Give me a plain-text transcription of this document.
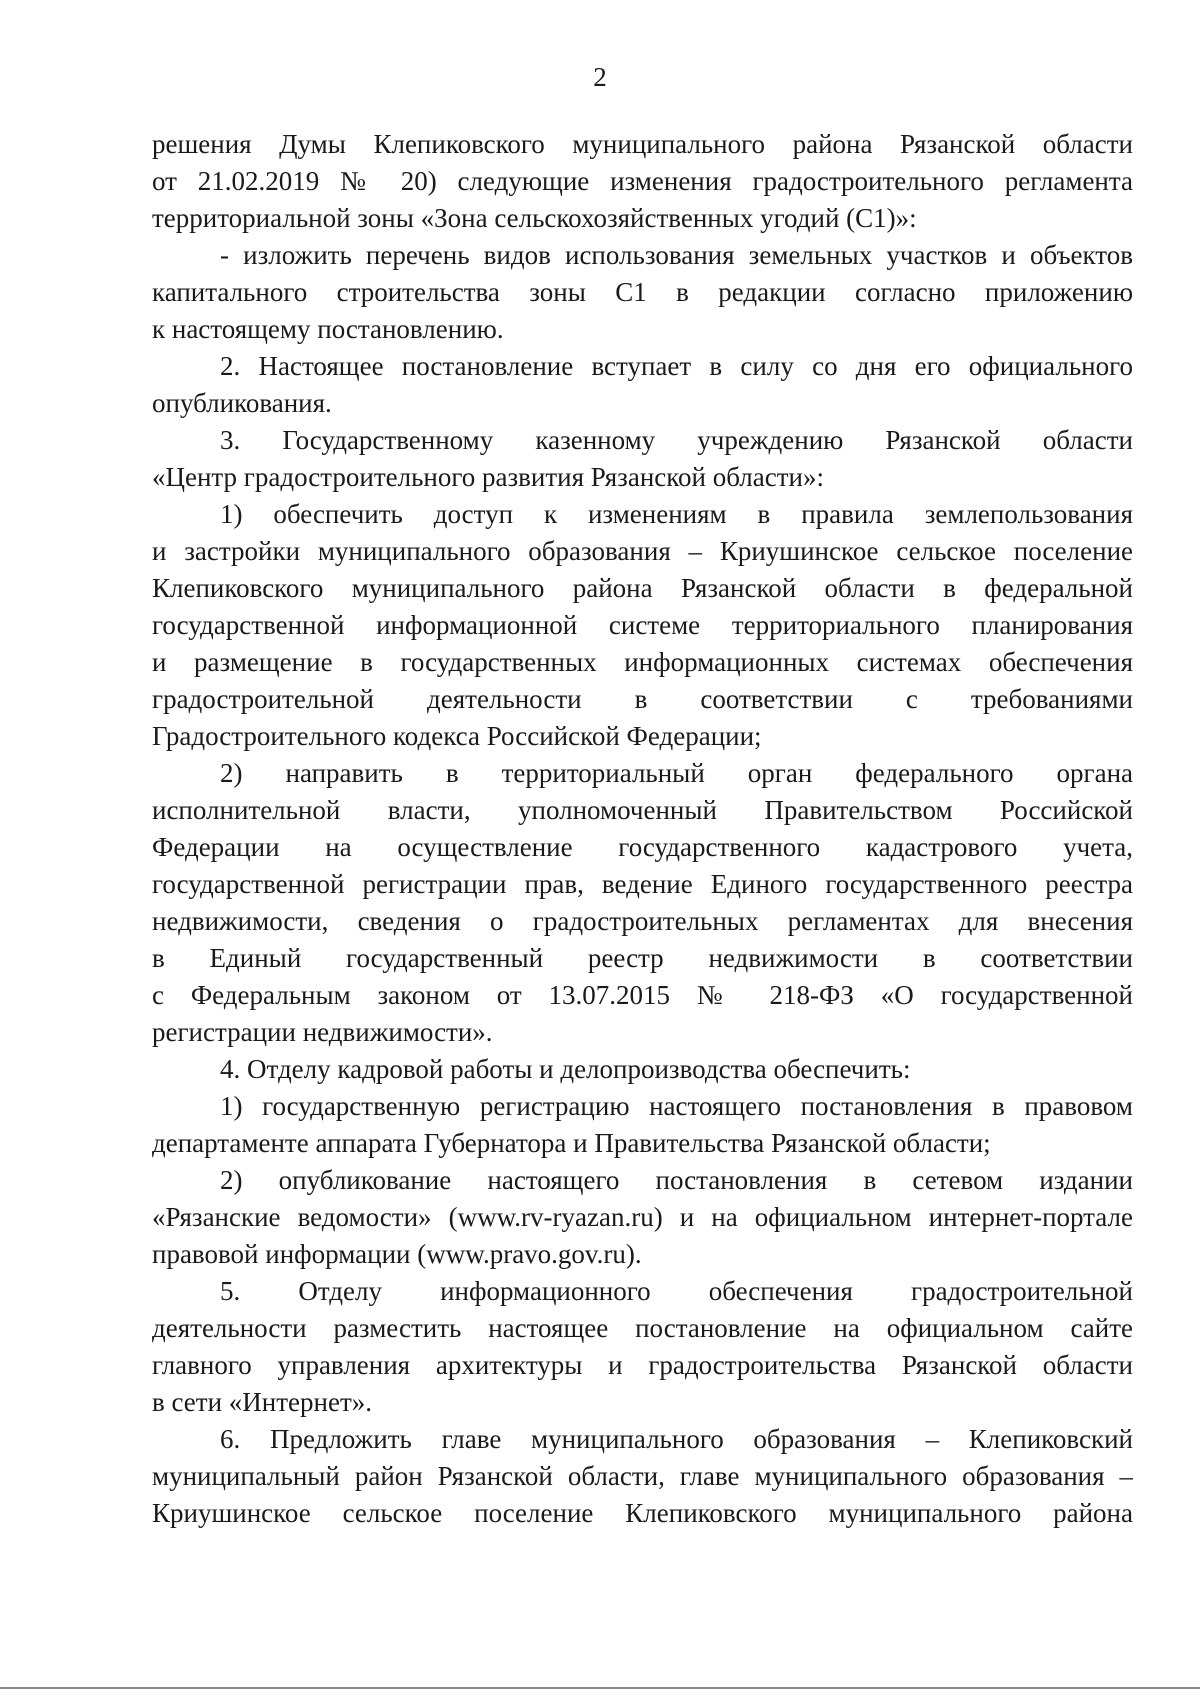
2
решения Думы Клепиковского муниципального района Рязанской области
от 21.02.2019 № 20) следующие изменения градостроительного регламента
территориальной зоны «Зона сельскохозяйственных угодий (С1)»:
- изложить перечень видов использования земельных участков и объектов
капитального строительства зоны С1 в редакции согласно приложению
к настоящему постановлению.
2. Настоящее постановление вступает в силу со дня его официального
опубликования.
3. Государственному казенному учреждению Рязанской области
«Центр градостроительного развития Рязанской области»:
1) обеспечить доступ к изменениям в правила землепользования
и застройки муниципального образования – Криушинское сельское поселение
Клепиковского муниципального района Рязанской области в федеральной
государственной информационной системе территориального планирования
и размещение в государственных информационных системах обеспечения
градостроительной деятельности в соответствии с требованиями
Градостроительного кодекса Российской Федерации;
2) направить в территориальный орган федерального органа
исполнительной власти, уполномоченный Правительством Российской
Федерации на осуществление государственного кадастрового учета,
государственной регистрации прав, ведение Единого государственного реестра
недвижимости, сведения о градостроительных регламентах для внесения
в Единый государственный реестр недвижимости в соответствии
с Федеральным законом от 13.07.2015 № 218-ФЗ «О государственной
регистрации недвижимости».
4. Отделу кадровой работы и делопроизводства обеспечить:
1) государственную регистрацию настоящего постановления в правовом
департаменте аппарата Губернатора и Правительства Рязанской области;
2) опубликование настоящего постановления в сетевом издании
«Рязанские ведомости» (www.rv-ryazan.ru) и на официальном интернет-портале
правовой информации (www.pravo.gov.ru).
5. Отделу информационного обеспечения градостроительной
деятельности разместить настоящее постановление на официальном сайте
главного управления архитектуры и градостроительства Рязанской области
в сети «Интернет».
6. Предложить главе муниципального образования – Клепиковский
муниципальный район Рязанской области, главе муниципального образования –
Криушинское сельское поселение Клепиковского муниципального района
